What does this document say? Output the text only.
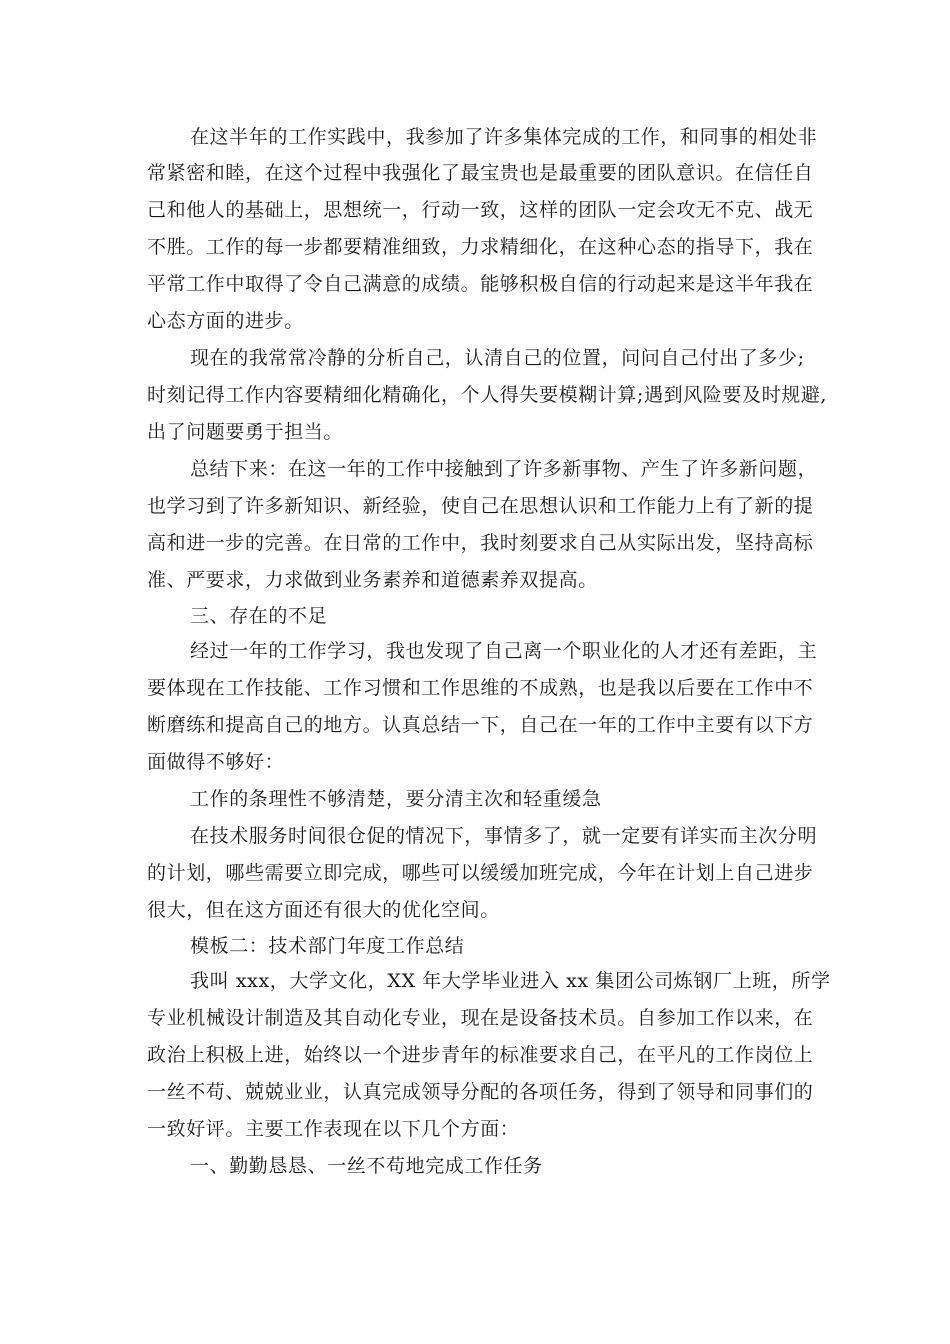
在这半年的工作实践中，我参加了许多集体完成的工作，和同事的相处非
常紧密和睦，在这个过程中我强化了最宝贵也是最重要的团队意识。在信任自
己和他人的基础上，思想统一，行动一致，这样的团队一定会攻无不克、战无
不胜。工作的每一步都要精准细致，力求精细化，在这种心态的指导下，我在
平常工作中取得了令自己满意的成绩。能够积极自信的行动起来是这半年我在
心态方面的进步。
现在的我常常冷静的分析自己，认清自己的位置，问问自己付出了多少;
时刻记得工作内容要精细化精确化，个人得失要模糊计算;遇到风险要及时规避,
出了问题要勇于担当。
总结下来：在这一年的工作中接触到了许多新事物、产生了许多新问题，
也学习到了许多新知识、新经验，使自己在思想认识和工作能力上有了新的提
高和进一步的完善。在日常的工作中，我时刻要求自己从实际出发，坚持高标
准、严要求，力求做到业务素养和道德素养双提高。
三、存在的不足
经过一年的工作学习，我也发现了自己离一个职业化的人才还有差距，主
要体现在工作技能、工作习惯和工作思维的不成熟，也是我以后要在工作中不
断磨练和提高自己的地方。认真总结一下，自己在一年的工作中主要有以下方
面做得不够好：
工作的条理性不够清楚，要分清主次和轻重缓急
在技术服务时间很仓促的情况下，事情多了，就一定要有详实而主次分明
的计划，哪些需要立即完成，哪些可以缓缓加班完成，今年在计划上自己进步
很大，但在这方面还有很大的优化空间。
模板二：技术部门年度工作总结
我叫 xxx，大学文化，XX 年大学毕业进入 xx 集团公司炼钢厂上班，所学
专业机械设计制造及其自动化专业，现在是设备技术员。自参加工作以来，在
政治上积极上进，始终以一个进步青年的标准要求自己，在平凡的工作岗位上
一丝不苟、兢兢业业，认真完成领导分配的各项任务，得到了领导和同事们的
一致好评。主要工作表现在以下几个方面：
一、勤勤恳恳、一丝不苟地完成工作任务
